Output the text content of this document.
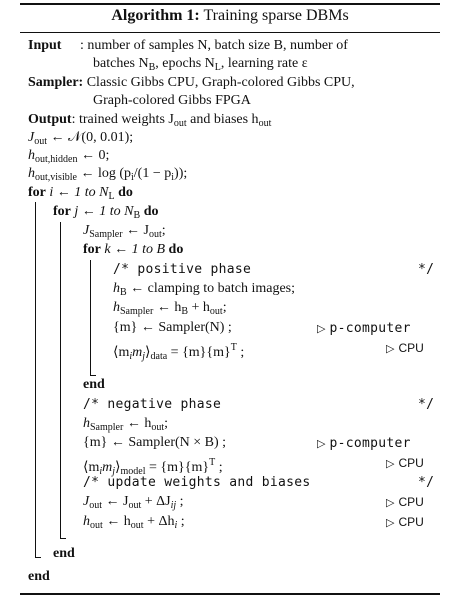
Algorithm 1: Training sparse DBMs
Input : number of samples N, batch size B, number of
batches $N_B$, epochs $N_L$, learning rate ε
Sampler: Classic Gibbs CPU, Graph-colored Gibbs CPU,
Graph-colored Gibbs FPGA
Output: trained weights $J_{out}$ and biases $h_{out}$
$J_{out}$ ← 𝒩(0, 0.01);
$h_{out,hidden}$ ← 0;
$h_{out,visible}$ ← $\log (p_i/(1 - p_i))$;
for i ← 1 to $N_L$ do
for j ← 1 to $N_B$ do
$J_{Sampler}$ ← $J_{out}$;
for k ← 1 to B do
/* positive phase	*/
$h_B$ ← clamping to batch images;
$h_{Sampler}$ ← $h_B + h_{out}$;
{m} ← Sampler(N) ;	▷ p-computer
$⟨m_im_j⟩_{data} = \{m\}\{m\}^T$ ;	▷ CPU
end
/* negative phase	*/
$h_{Sampler}$ ← $h_{out}$;
{m} ← Sampler(N × B) ;	▷ p-computer
$⟨m_im_j⟩_{model} = \{m\}\{m\}^T$ ;	▷ CPU
/* update weights and biases	*/
$J_{out}$ ← $J_{out} + \Delta J_{ij}$ ;	▷ CPU
$h_{out}$ ← $h_{out} + \Delta h_i$ ;	▷ CPU
end
end
